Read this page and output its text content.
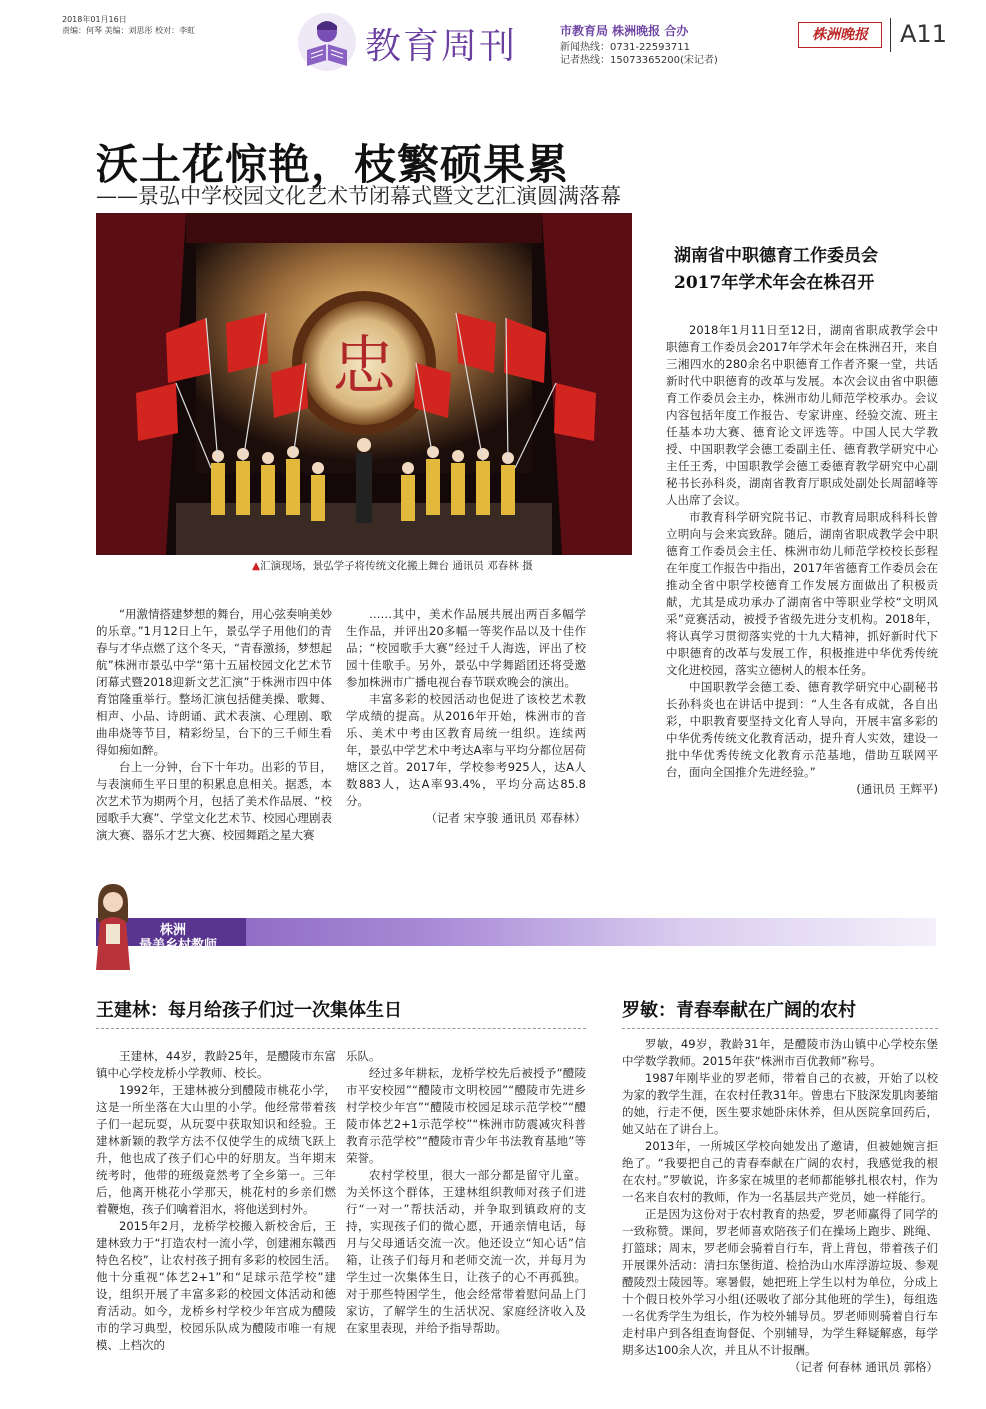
2018年01月16日
责编：何琴 美编：刘思彤 校对：李虹	教育周刊	市教育局 株洲晚报 合办
新闻热线：0731-22593711
记者热线：15073365200(宋记者)
株洲晚报	A11
沃土花惊艳，枝繁硕果累
——景弘中学校园文化艺术节闭幕式暨文艺汇演圆满落幕
忠
▲汇演现场，景弘学子将传统文化搬上舞台 通讯员 邓春林 摄

“用激情搭建梦想的舞台，用心弦奏响美妙的乐章。”1月12日上午，景弘学子用他们的青春与才华点燃了这个冬天，“青春激扬，梦想起航”株洲市景弘中学“第十五届校园文化艺术节闭幕式暨2018迎新文艺汇演”于株洲市四中体育馆隆重举行。整场汇演包括健美操、歌舞、相声、小品、诗朗诵、武术表演、心理剧、歌曲串烧等节目，精彩纷呈，台下的三千师生看得如痴如醉。

台上一分钟，台下十年功。出彩的节目，与表演师生平日里的积累息息相关。据悉，本次艺术节为期两个月，包括了美术作品展、“校园歌手大赛”、学堂文化艺术节、校园心理剧表演大赛、器乐才艺大赛、校园舞蹈之星大赛

……其中，美术作品展共展出两百多幅学生作品，并评出20多幅一等奖作品以及十佳作品；“校园歌手大赛”经过千人海选，评出了校园十佳歌手。另外，景弘中学舞蹈团还将受邀参加株洲市广播电视台春节联欢晚会的演出。

丰富多彩的校园活动也促进了该校艺术教学成绩的提高。从2016年开始，株洲市的音乐、美术中考由区教育局统一组织。连续两年，景弘中学艺术中考达A率与平均分都位居荷塘区之首。2017年，学校参考925人，达A人数883人，达A率93.4%，平均分高达85.8分。

（记者 宋亨骏 通讯员 邓春林）

湖南省中职德育工作委员会
2017年学术年会在株召开

2018年1月11日至12日，湖南省职成教学会中职德育工作委员会2017年学术年会在株洲召开，来自三湘四水的280余名中职德育工作者齐聚一堂，共话新时代中职德育的改革与发展。本次会议由省中职德育工作委员会主办，株洲市幼儿师范学校承办。会议内容包括年度工作报告、专家讲座、经验交流、班主任基本功大赛、德育论文评选等。中国人民大学教授、中国职教学会德工委副主任、德育教学研究中心主任王秀，中国职教学会德工委德育教学研究中心副秘书长孙科炎，湖南省教育厅职成处副处长周韶峰等人出席了会议。

市教育科学研究院书记、市教育局职成科科长曾立明向与会来宾致辞。随后，湖南省职成教学会中职德育工作委员会主任、株洲市幼儿师范学校校长彭程在年度工作报告中指出，2017年省德育工作委员会在推动全省中职学校德育工作发展方面做出了积极贡献，尤其是成功承办了湖南省中等职业学校“文明风采”竞赛活动，被授予省级先进分支机构。2018年，将认真学习贯彻落实党的十九大精神，抓好新时代下中职德育的改革与发展工作，积极推进中华优秀传统文化进校园，落实立德树人的根本任务。

中国职教学会德工委、德育教学研究中心副秘书长孙科炎也在讲话中提到：“人生各有成就，各自出彩，中职教育要坚持文化育人导向，开展丰富多彩的中华优秀传统文化教育活动，提升育人实效，建设一批中华优秀传统文化教育示范基地，借助互联网平台，面向全国推介先进经验。”

(通讯员 王辉平)

株洲
最美乡村教师
王建林：每月给孩子们过一次集体生日

王建林，44岁，教龄25年，是醴陵市东富镇中心学校龙桥小学教师、校长。

1992年，王建林被分到醴陵市桃花小学，这是一所坐落在大山里的小学。他经常带着孩子们一起玩耍，从玩耍中获取知识和经验。王建林新颖的教学方法不仅使学生的成绩飞跃上升，他也成了孩子们心中的好朋友。当年期末统考时，他带的班级竟然考了全乡第一。三年后，他离开桃花小学那天，桃花村的乡亲们燃着鞭炮，孩子们噙着泪水，将他送到村外。

2015年2月，龙桥学校搬入新校舍后，王建林致力于“打造农村一流小学，创建湘东赣西特色名校”，让农村孩子拥有多彩的校园生活。他十分重视“体艺2+1”和“足球示范学校”建设，组织开展了丰富多彩的校园文体活动和德育活动。如今，龙桥乡村学校少年宫成为醴陵市的学习典型，校园乐队成为醴陵市唯一有规模、上档次的

乐队。

经过多年耕耘，龙桥学校先后被授予“醴陵市平安校园”“醴陵市文明校园”“醴陵市先进乡村学校少年宫”“醴陵市校园足球示范学校”“醴陵市体艺2+1示范学校”“株洲市防震减灾科普教育示范学校”“醴陵市青少年书法教育基地”等荣誉。

农村学校里，很大一部分都是留守儿童。为关怀这个群体，王建林组织教师对孩子们进行“一对一”帮扶活动，并争取到镇政府的支持，实现孩子们的微心愿，开通亲情电话，每月与父母通话交流一次。他还设立“知心话”信箱，让孩子们每月和老师交流一次，并每月为学生过一次集体生日，让孩子的心不再孤独。对于那些特困学生，他会经常带着慰问品上门家访，了解学生的生活状况、家庭经济收入及在家里表现，并给予指导帮助。

罗敏：青春奉献在广阔的农村

罗敏，49岁，教龄31年，是醴陵市沩山镇中心学校东堡中学数学教师。2015年获“株洲市百优教师”称号。

1987年刚毕业的罗老师，带着自己的衣被，开始了以校为家的教学生涯，在农村任教31年。曾患右下肢深发肌肉萎缩的她，行走不便，医生要求她卧床休养，但从医院拿回药后，她又站在了讲台上。

2013年，一所城区学校向她发出了邀请，但被她婉言拒绝了。“我要把自己的青春奉献在广阔的农村，我感觉我的根在农村。”罗敏说，许多家在城里的老师都能够扎根农村，作为一名来自农村的教师，作为一名基层共产党员，她一样能行。

正是因为这份对于农村教育的热爱，罗老师赢得了同学的一致称赞。课间，罗老师喜欢陪孩子们在操场上跑步、跳绳、打篮球；周末，罗老师会骑着自行车，背上背包，带着孩子们开展课外活动：清扫东堡街道、检拾沩山水库浮游垃圾、参观醴陵烈士陵园等。寒暑假，她把班上学生以村为单位，分成上十个假日校外学习小组(还吸收了部分其他班的学生)，每组选一名优秀学生为组长，作为校外辅导员。罗老师则骑着自行车走村串户到各组查询督促、个别辅导，为学生释疑解惑，每学期多达100余人次，并且从不计报酬。

（记者 何春林 通讯员 郭格）
